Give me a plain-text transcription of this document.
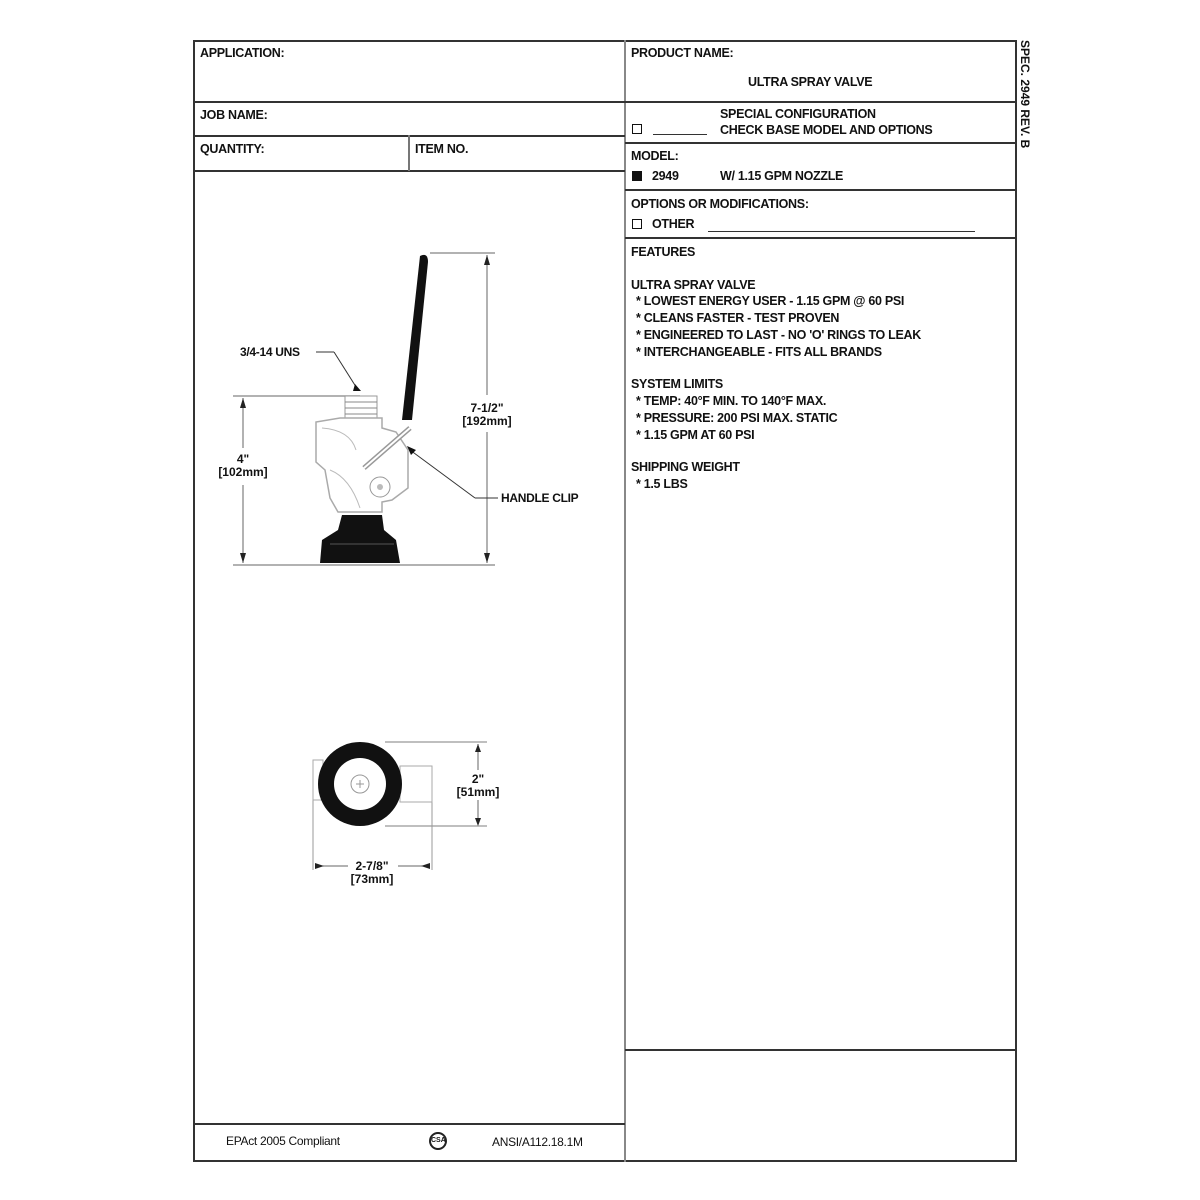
APPLICATION:
JOB NAME:
QUANTITY:	ITEM NO.
PRODUCT NAME:
ULTRA SPRAY VALVE
SPECIAL CONFIGURATION
CHECK BASE MODEL AND OPTIONS
MODEL:
2949	W/ 1.15 GPM NOZZLE
OPTIONS OR MODIFICATIONS:
OTHER
SPEC. 2949 REV. B
FEATURES
ULTRA SPRAY VALVE
* LOWEST ENERGY USER - 1.15 GPM @ 60 PSI
* CLEANS FASTER - TEST PROVEN
* ENGINEERED TO LAST - NO 'O' RINGS TO LEAK
* INTERCHANGEABLE - FITS ALL BRANDS
SYSTEM LIMITS
* TEMP: 40°F MIN. TO 140°F MAX.
* PRESSURE: 200 PSI MAX. STATIC
* 1.15 GPM AT 60 PSI
SHIPPING WEIGHT
* 1.5 LBS
3/4-14 UNS
HANDLE CLIP
4"
[102mm]
7-1/2"
[192mm]
2"
[51mm]
2-7/8"
[73mm]
EPAct 2005 Compliant	CSA	ANSI/A112.18.1M
